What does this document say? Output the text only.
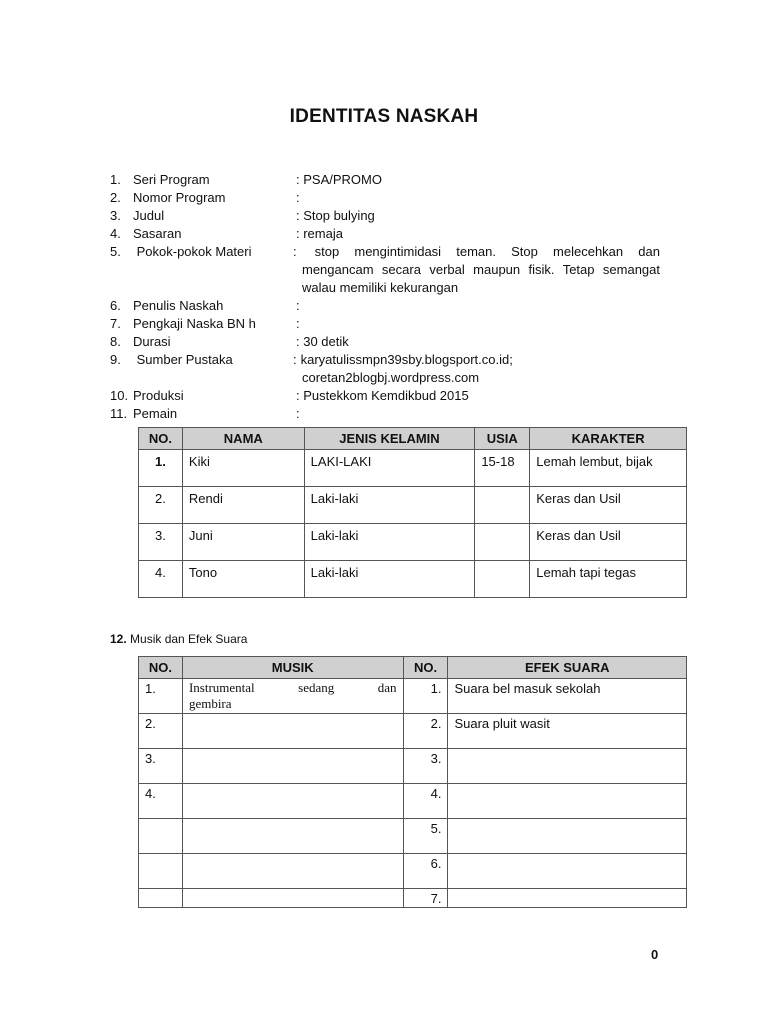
IDENTITAS NASKAH
1. Seri Program	: PSA/PROMO
2. Nomor Program	:
3. Judul	: Stop bulying
4. Sasaran	: remaja
5. Pokok-pokok Materi	:	stop mengintimidasi teman. Stop melecehkan dan
mengancam secara verbal maupun fisik. Tetap semangat
walau memiliki kekurangan
6. Penulis Naskah	:
7. Pengkaji Naska BN h	:
8. Durasi	: 30 detik
9. Sumber Pustaka	: karyatulissmpn39sby.blogsport.co.id;
coretan2blogbj.wordpress.com
10. Produksi	: Pustekkom Kemdikbud 2015
11. Pemain	:
NO.	NAMA	JENIS KELAMIN	USIA	KARAKTER
1.	Kiki	LAKI-LAKI	15-18	Lemah lembut, bijak
2.	Rendi	Laki-laki		Keras dan Usil
3.	Juni	Laki-laki		Keras dan Usil
4.	Tono	Laki-laki		Lemah tapi tegas
12. Musik dan Efek Suara
NO.	MUSIK	NO.	EFEK SUARA
1.	Instrumental sedang dan
gembira	1.	Suara bel masuk sekolah
2.		2.	Suara pluit wasit
3.		3.	
4.		4.	
		5.	
		6.	
		7.	
0
